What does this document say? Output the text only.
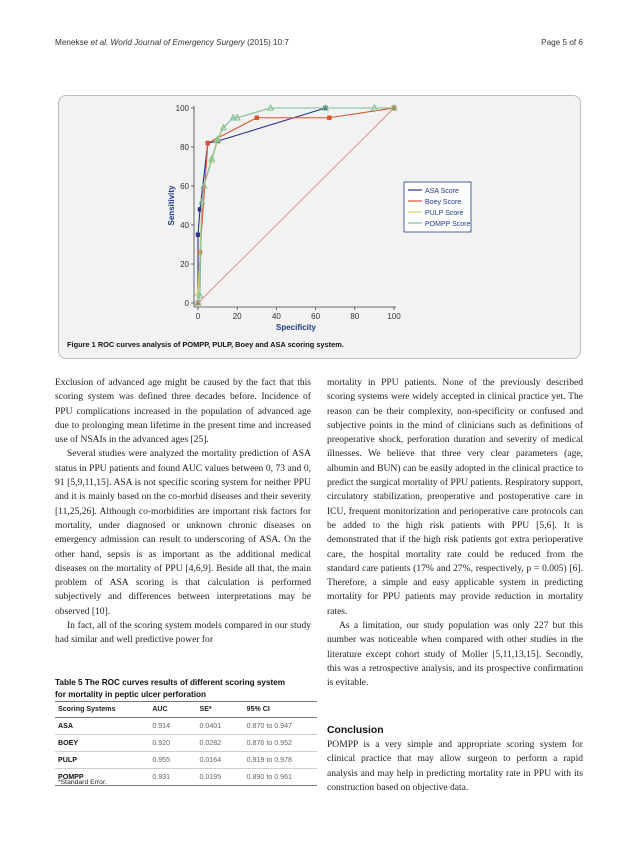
Menekse et al. World Journal of Emergency Surgery (2015) 10:7	Page 5 of 6
0
20
40
60
80
100
0	20	40	60	80	100
Specificity
Sensitivity	ASA Score
Boey Score
PULP Score
POMPP Score
Figure 1 ROC curves analysis of POMPP, PULP, Boey and ASA scoring system.

Exclusion of advanced age might be caused by the fact that this scoring system was defined three decades before. Incidence of PPU complications increased in the population of advanced age due to prolonging mean lifetime in the present time and increased use of NSAIs in the advanced ages [25].

Several studies were analyzed the mortality prediction of ASA status in PPU patients and found AUC values between 0, 73 and 0, 91 [5,9,11,15]. ASA is not specific scoring system for neither PPU and it is mainly based on the co-morbid diseases and their severity [11,25,26]. Although co-morbidities are important risk factors for mortality, under diagnosed or unknown chronic diseases on emergency admission can result to underscoring of ASA. On the other hand, sepsis is as important as the additional medical diseases on the mortality of PPU [4,6,9]. Beside all that, the main problem of ASA scoring is that calculation is performed subjectively and differences between interpretations may be observed [10].

In fact, all of the scoring system models compared in our study had similar and well predictive power for

Table 5 The ROC curves results of different scoring system for mortality in peptic ulcer perforation
Scoring Systems	AUC	SE*	95% CI
ASA	0.914	0.0401	0.870 to 0.947
BOEY	0.920	0.0282	0.876 to 0.952
PULP	0.955	0.0164	0.919 to 0.978
POMPP	0.931	0.0195	0.890 to 0.961
*Standard Error.

mortality in PPU patients. None of the previously described scoring systems were widely accepted in clinical practice yet. The reason can be their complexity, non-specificity or confused and subjective points in the mind of clinicians such as definitions of preoperative shock, perforation duration and severity of medical illnesses. We believe that three very clear parameters (age, albumin and BUN) can be easily adopted in the clinical practice to predict the surgical mortality of PPU patients. Respiratory support, circulatory stabilization, preoperative and postoperative care in ICU, frequent monitorization and perioperative care protocols can be added to the high risk patients with PPU [5,6]. It is demonstrated that if the high risk patients got extra perioperative care, the hospital mortality rate could be reduced from the standard care patients (17% and 27%, respectively, p = 0.005) [6]. Therefore, a simple and easy applicable system in predicting mortality for PPU patients may provide reduction in mortality rates.

As a limitation, our study population was only 227 but this number was noticeable when compared with other studies in the literature except cohort study of Moller [5,11,13,15]. Secondly, this was a retrospective analysis, and its prospective confirmation is evitable.

Conclusion
POMPP is a very simple and appropriate scoring system for clinical practice that may allow surgeon to perform a rapid analysis and may help in predicting mortality rate in PPU with its construction based on objective data.
